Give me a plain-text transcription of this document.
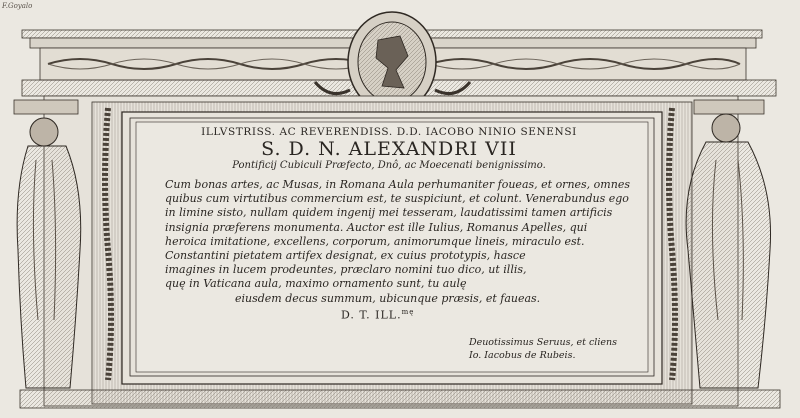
F.Goyalo
ILLVSTRISS. AC REVERENDISS. D.D. IACOBO NINIO SENENSI
S. D. N. ALEXANDRI VII
Pontificij Cubiculi Præfecto, Dnô, ac Moecenati benignissimo.
Cum bonas artes, ac Musas, in Romana Aula perhumaniter foueas, et ornes, omnes
quibus cum virtutibus commercium est, te suspiciunt, et colunt. Venerabundus ego
in limine sisto, nullam quidem ingenij mei tesseram, laudatissimi tamen artificis
insignia præferens monumenta. Auctor est ille Iulius, Romanus Apelles, qui
heroica imitatione, excellens, corporum, animorumque lineis, miraculo est.
Constantini pietatem artifex designat, ex cuius prototypis, hasce
imagines in lucem prodeuntes, præclaro nomini tuo dico, ut illis,
quę in Vaticana aula, maximo ornamento sunt, tu aulę
eiusdem decus summum, ubicunque præsis, et faueas.
D. T. ILL.$^{mę}$
Deuotissimus Seruus, et cliens
Io. Iacobus de Rubeis.
